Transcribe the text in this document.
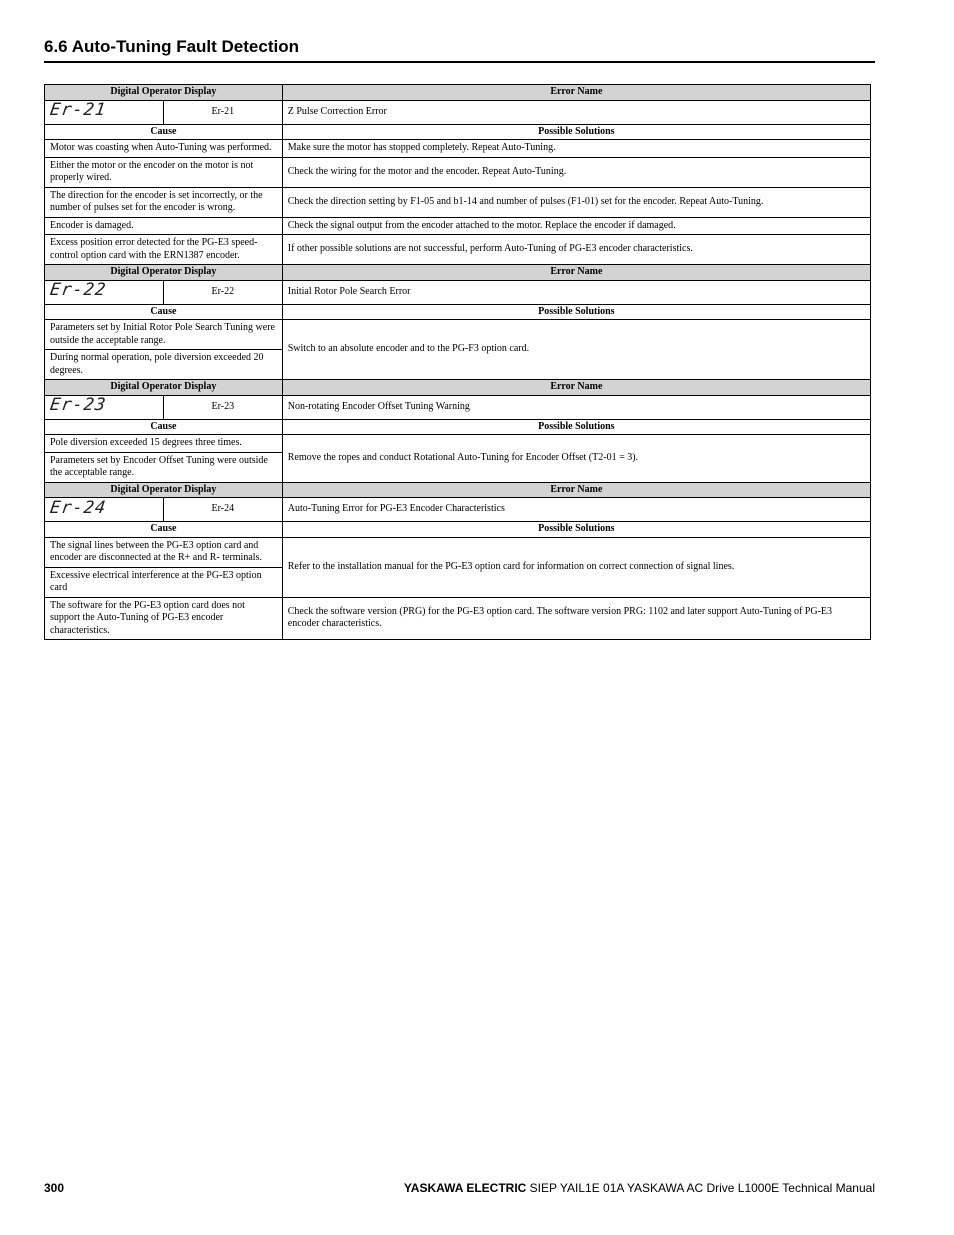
6.6 Auto-Tuning Fault Detection
Digital Operator Display		Error Name
Er-21	Er-21	Z Pulse Correction Error
Cause		Possible Solutions
Motor was coasting when Auto-Tuning was performed.		Make sure the motor has stopped completely. Repeat Auto-Tuning.
Either the motor or the encoder on the motor is not properly wired.		Check the wiring for the motor and the encoder. Repeat Auto-Tuning.
The direction for the encoder is set incorrectly, or the number of pulses set for the encoder is wrong.		Check the direction setting by F1-05 and b1-14 and number of pulses (F1-01) set for the encoder. Repeat Auto-Tuning.
Encoder is damaged.		Check the signal output from the encoder attached to the motor. Replace the encoder if damaged.
Excess position error detected for the PG-E3 speed-control option card with the ERN1387 encoder.		If other possible solutions are not successful, perform Auto-Tuning of PG-E3 encoder characteristics.
Digital Operator Display		Error Name
Er-22	Er-22	Initial Rotor Pole Search Error
Cause		Possible Solutions
Parameters set by Initial Rotor Pole Search Tuning were outside the acceptable range.		Switch to an absolute encoder and to the PG-F3 option card.
During normal operation, pole diversion exceeded 20 degrees.		
Digital Operator Display		Error Name
Er-23	Er-23	Non-rotating Encoder Offset Tuning Warning
Cause		Possible Solutions
Pole diversion exceeded 15 degrees three times.		Remove the ropes and conduct Rotational Auto-Tuning for Encoder Offset (T2-01 = 3).
Parameters set by Encoder Offset Tuning were outside the acceptable range.		
Digital Operator Display		Error Name
Er-24	Er-24	Auto-Tuning Error for PG-E3 Encoder Characteristics
Cause		Possible Solutions
The signal lines between the PG-E3 option card and encoder are disconnected at the R+ and R- terminals.		Refer to the installation manual for the PG-E3 option card for information on correct connection of signal lines.
Excessive electrical interference at the PG-E3 option card		
The software for the PG-E3 option card does not support the Auto-Tuning of PG-E3 encoder characteristics.		Check the software version (PRG) for the PG-E3 option card. The software version PRG: 1102 and later support Auto-Tuning of PG-E3 encoder characteristics.
300	YASKAWA ELECTRIC SIEP YAIL1E 01A YASKAWA AC Drive L1000E Technical Manual
